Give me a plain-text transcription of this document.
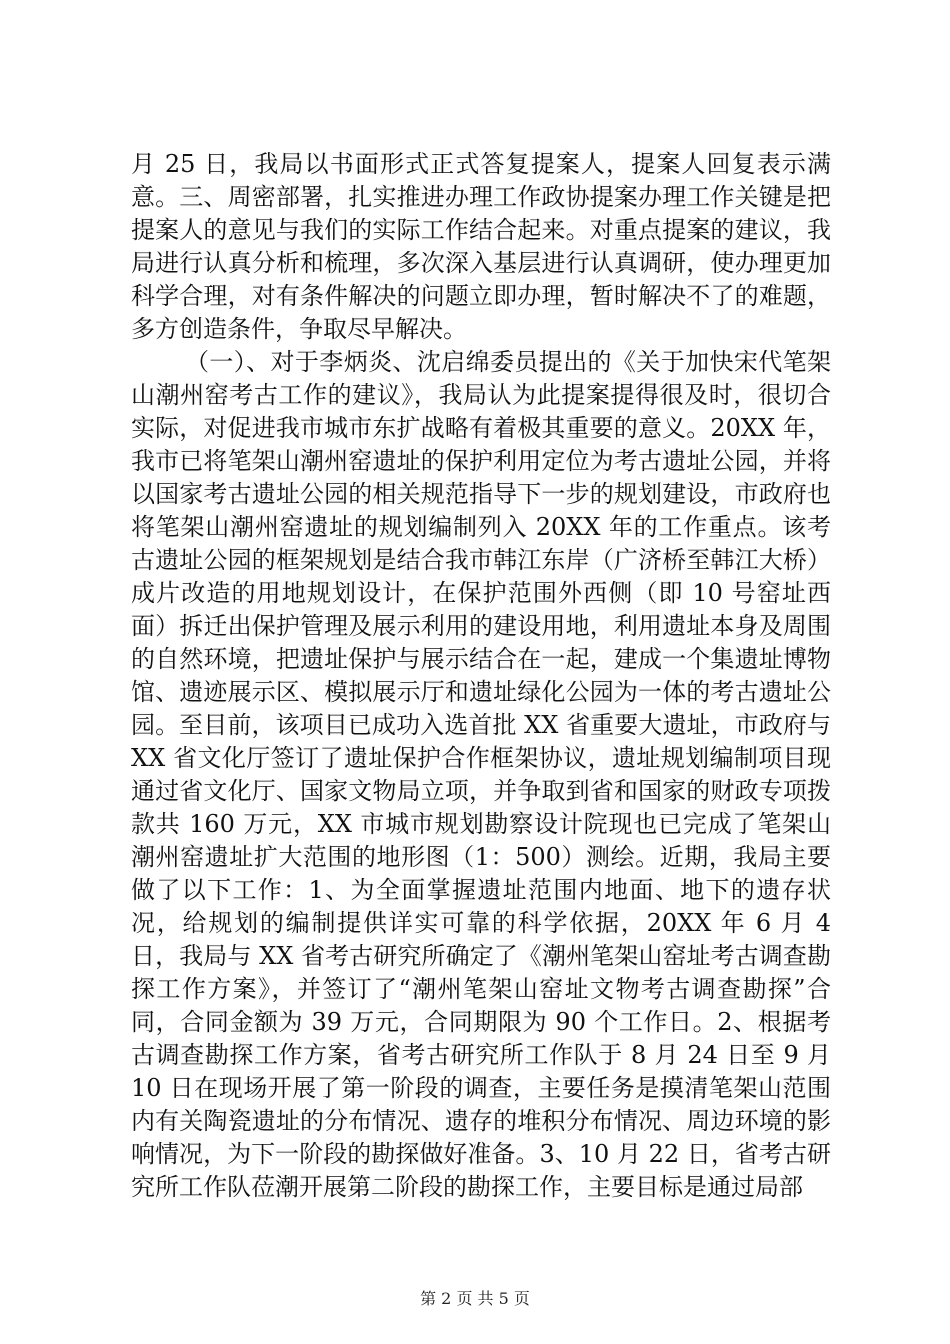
月 25 日，我局以书面形式正式答复提案人，提案人回复表示满意。三、周密部署，扎实推进办理工作政协提案办理工作关键是把提案人的意见与我们的实际工作结合起来。对重点提案的建议，我局进行认真分析和梳理，多次深入基层进行认真调研，使办理更加科学合理，对有条件解决的问题立即办理，暂时解决不了的难题，多方创造条件，争取尽早解决。

（一）、对于李炳炎、沈启绵委员提出的《关于加快宋代笔架山潮州窑考古工作的建议》，我局认为此提案提得很及时，很切合实际，对促进我市城市东扩战略有着极其重要的意义。20XX 年，我市已将笔架山潮州窑遗址的保护利用定位为考古遗址公园，并将以国家考古遗址公园的相关规范指导下一步的规划建设，市政府也将笔架山潮州窑遗址的规划编制列入 20XX 年的工作重点。该考古遗址公园的框架规划是结合我市韩江东岸（广济桥至韩江大桥）成片改造的用地规划设计，在保护范围外西侧（即 10 号窑址西面）拆迁出保护管理及展示利用的建设用地，利用遗址本身及周围的自然环境，把遗址保护与展示结合在一起，建成一个集遗址博物馆、遗迹展示区、模拟展示厅和遗址绿化公园为一体的考古遗址公园。至目前，该项目已成功入选首批 XX 省重要大遗址，市政府与 XX 省文化厅签订了遗址保护合作框架协议，遗址规划编制项目现通过省文化厅、国家文物局立项，并争取到省和国家的财政专项拨款共 160 万元，XX 市城市规划勘察设计院现也已完成了笔架山潮州窑遗址扩大范围的地形图（1：500）测绘。近期，我局主要做了以下工作：1、为全面掌握遗址范围内地面、地下的遗存状况，给规划的编制提供详实可靠的科学依据，20XX 年 6 月 4 日，我局与 XX 省考古研究所确定了《潮州笔架山窑址考古调查勘探工作方案》，并签订了“潮州笔架山窑址文物考古调查勘探”合同，合同金额为 39 万元，合同期限为 90 个工作日。2、根据考古调查勘探工作方案，省考古研究所工作队于 8 月 24 日至 9 月 10 日在现场开展了第一阶段的调查，主要任务是摸清笔架山范围内有关陶瓷遗址的分布情况、遗存的堆积分布情况、周边环境的影响情况，为下一阶段的勘探做好准备。3、10 月 22 日，省考古研究所工作队莅潮开展第二阶段的勘探工作，主要目标是通过局部

第 2 页 共 5 页
